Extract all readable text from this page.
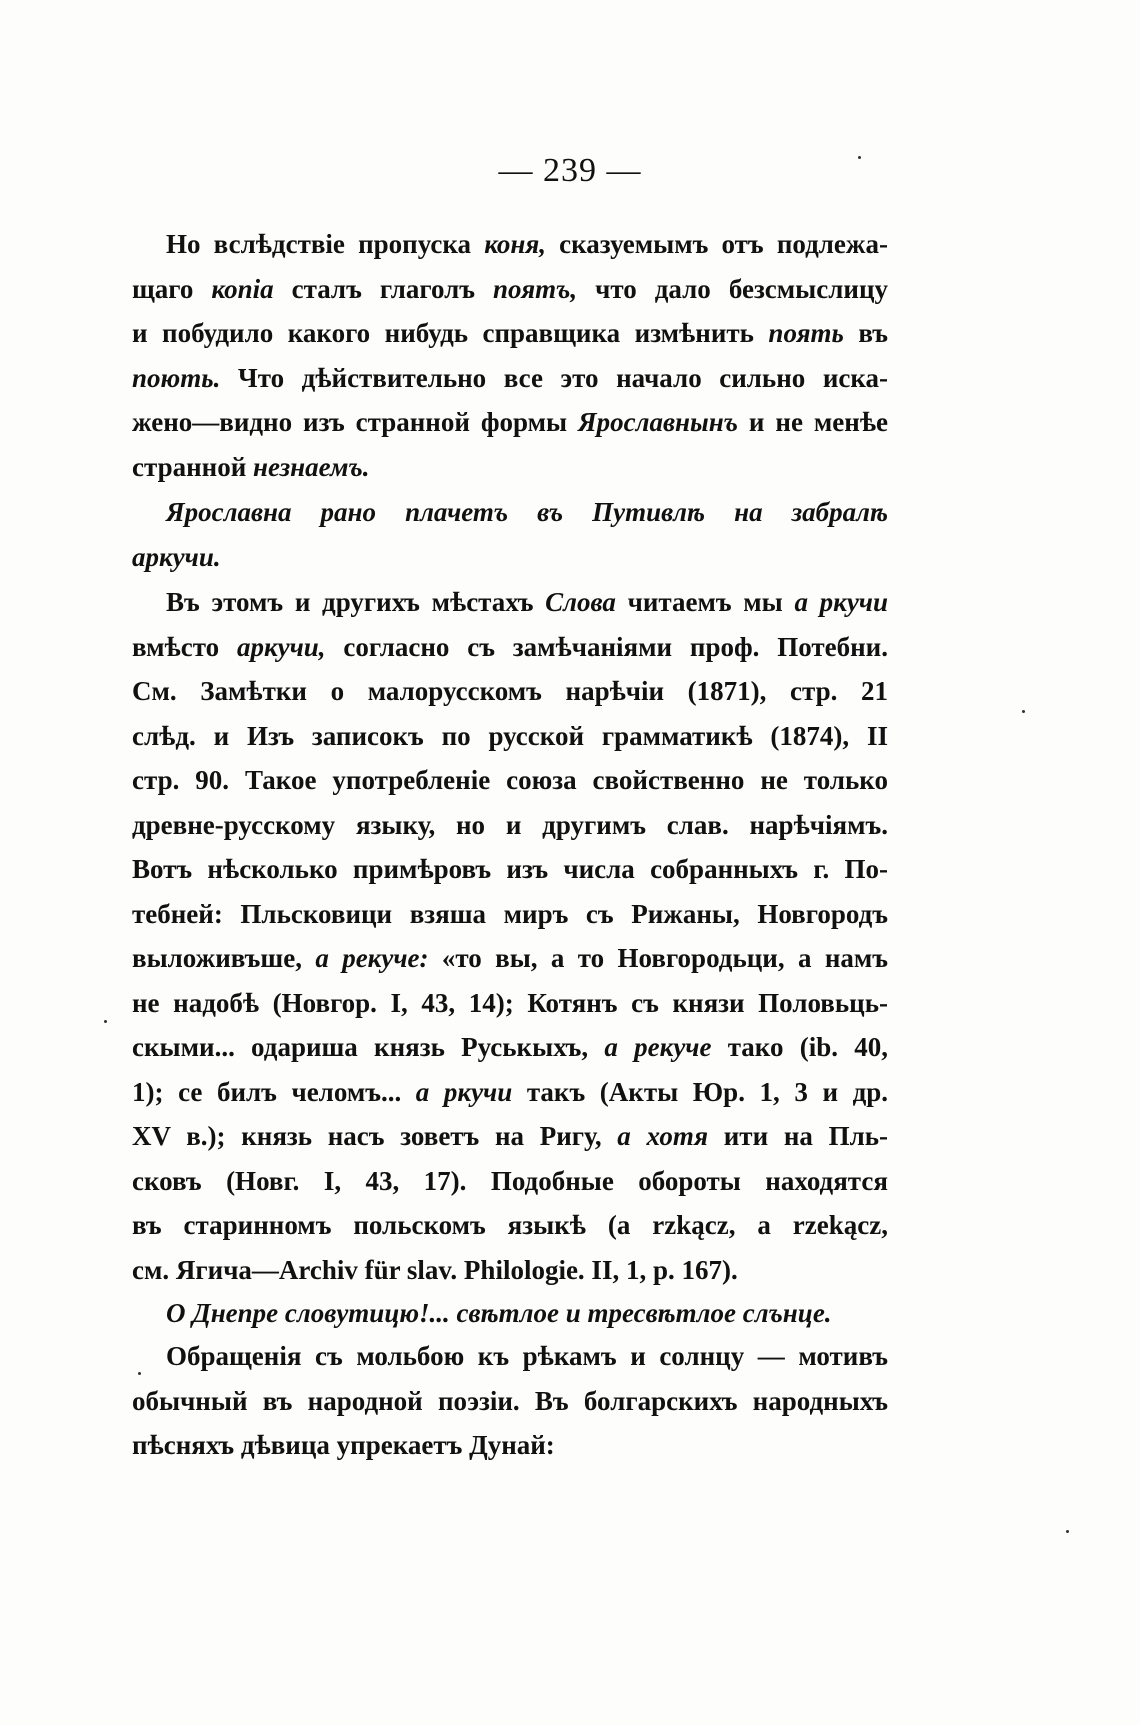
— 239 —
Но вслѣдствіе пропуска коня, сказуемымъ отъ подлежа-
щаго копіа сталъ глаголъ поятъ, что дало безсмыслицу
и побудило какого нибудь справщика измѣнить поять въ
поють. Что дѣйствительно все это начало сильно иска-
жено—видно изъ странной формы Ярославнынъ и не менѣе
странной незнаемъ.
Ярославна рано плачетъ въ Путивлѣ на забралѣ
аркучи.
Въ этомъ и другихъ мѣстахъ Слова читаемъ мы а ркучи
вмѣсто аркучи, согласно съ замѣчаніями проф. Потебни.
См. Замѣтки о малорусскомъ нарѣчіи (1871), стр. 21
слѣд. и Изъ записокъ по русской грамматикѣ (1874), II
стр. 90. Такое употребленіе союза свойственно не только
древне-русскому языку, но и другимъ слав. нарѣчіямъ.
Вотъ нѣсколько примѣровъ изъ числа собранныхъ г. По-
тебней: Пльсковици взяша миръ съ Рижаны, Новгородъ
выложивъше, а рекуче: «то вы, а то Новгородьци, а намъ
не надобѣ (Новгор. I, 43, 14); Котянъ съ князи Половьць-
скыми... одариша князь Руськыхъ, а рекуче тако (ib. 40,
1); се билъ челомъ... а ркучи такъ (Акты Юр. 1, 3 и др.
XV в.); князь насъ зоветъ на Ригу, а хотя ити на Пль-
сковъ (Новг. I, 43, 17). Подобные обороты находятся
въ старинномъ польскомъ языкѣ (a rzkącz, a rzekącz,
см. Ягича—Archiv für slav. Philologie. II, 1, p. 167).
О Днепре словутицю!... свѣтлое и тресвѣтлое слънце.
Обращенія съ мольбою къ рѣкамъ и солнцу — мотивъ
обычный въ народной поэзіи. Въ болгарскихъ народныхъ
пѣсняхъ дѣвица упрекаетъ Дунай:
